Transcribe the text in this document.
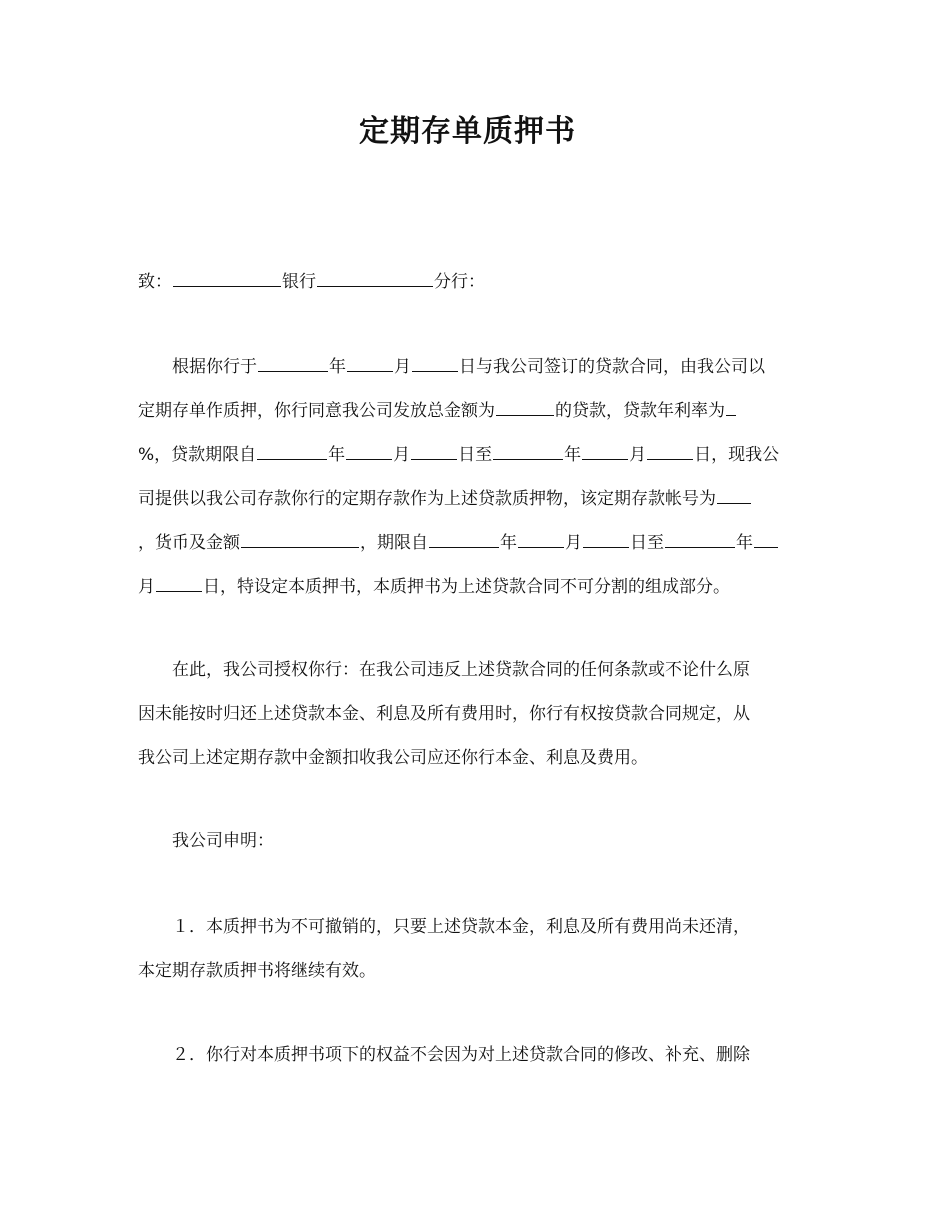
定期存单质押书
致：	银行	分行：
根据你行于	年	月	日与我公司签订的贷款合同，由我公司以
定期存单作质押，你行同意我公司发放总金额为	的贷款，贷款年利率为
%，贷款期限自	年	月	日至	年	月	日，现我公
司提供以我公司存款你行的定期存款作为上述贷款质押物，该定期存款帐号为
，货币及金额	，期限自	年	月	日至	年
月	日，特设定本质押书，本质押书为上述贷款合同不可分割的组成部分。
在此，我公司授权你行：在我公司违反上述贷款合同的任何条款或不论什么原
因未能按时归还上述贷款本金、利息及所有费用时，你行有权按贷款合同规定，从
我公司上述定期存款中金额扣收我公司应还你行本金、利息及费用。
我公司申明：
１．本质押书为不可撤销的，只要上述贷款本金，利息及所有费用尚未还清，
本定期存款质押书将继续有效。
２．你行对本质押书项下的权益不会因为对上述贷款合同的修改、补充、删除
